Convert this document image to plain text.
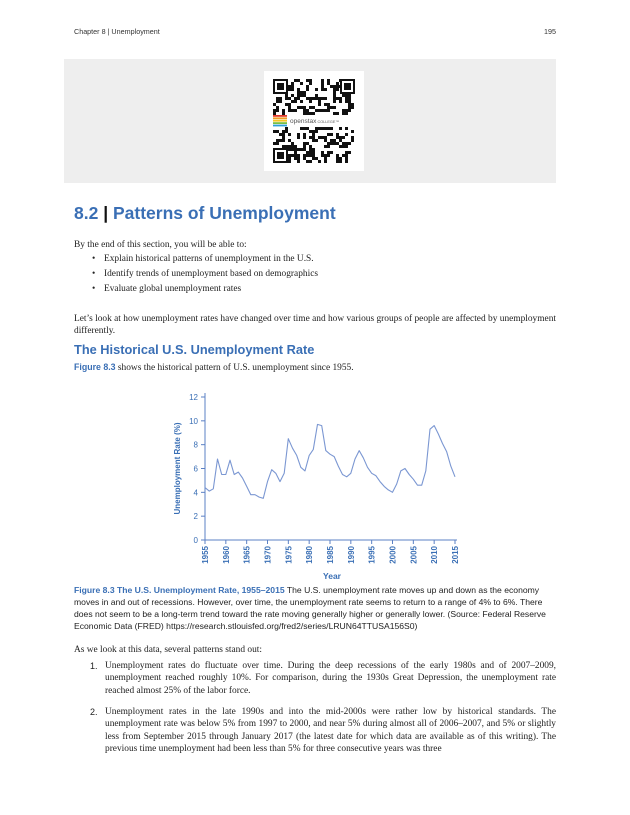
Chapter 8 | Unemployment	195
openstax COLLEGE™
8.2 | Patterns of Unemployment
By the end of this section, you will be able to:
• Explain historical patterns of unemployment in the U.S.
• Identify trends of unemployment based on demographics
• Evaluate global unemployment rates

Let’s look at how unemployment rates have changed over time and how various groups of people are affected by unemployment differently.

The Historical U.S. Unemployment Rate

Figure 8.3 shows the historical pattern of U.S. unemployment since 1955.

0
2
4
6
8
10
12
1955 1960 1965 1970 1975 1980 1985 1990 1995 2000 2005 2010 2015
Unemployment Rate (%)
Year
Figure 8.3 The U.S. Unemployment Rate, 1955–2015 The U.S. unemployment rate moves up and down as the economy moves in and out of recessions. However, over time, the unemployment rate seems to return to a range of 4% to 6%. There does not seem to be a long-term trend toward the rate moving generally higher or generally lower. (Source: Federal Reserve Economic Data (FRED) https://research.stlouisfed.org/fred2/series/LRUN64TTUSA156S0)
As we look at this data, several patterns stand out:
1. Unemployment rates do fluctuate over time. During the deep recessions of the early 1980s and of 2007–2009, unemployment reached roughly 10%. For comparison, during the 1930s Great Depression, the unemployment rate reached almost 25% of the labor force.
2. Unemployment rates in the late 1990s and into the mid-2000s were rather low by historical standards. The unemployment rate was below 5% from 1997 to 2000, and near 5% during almost all of 2006–2007, and 5% or slightly less from September 2015 through January 2017 (the latest date for which data are available as of this writing). The previous time unemployment had been less than 5% for three consecutive years was three
